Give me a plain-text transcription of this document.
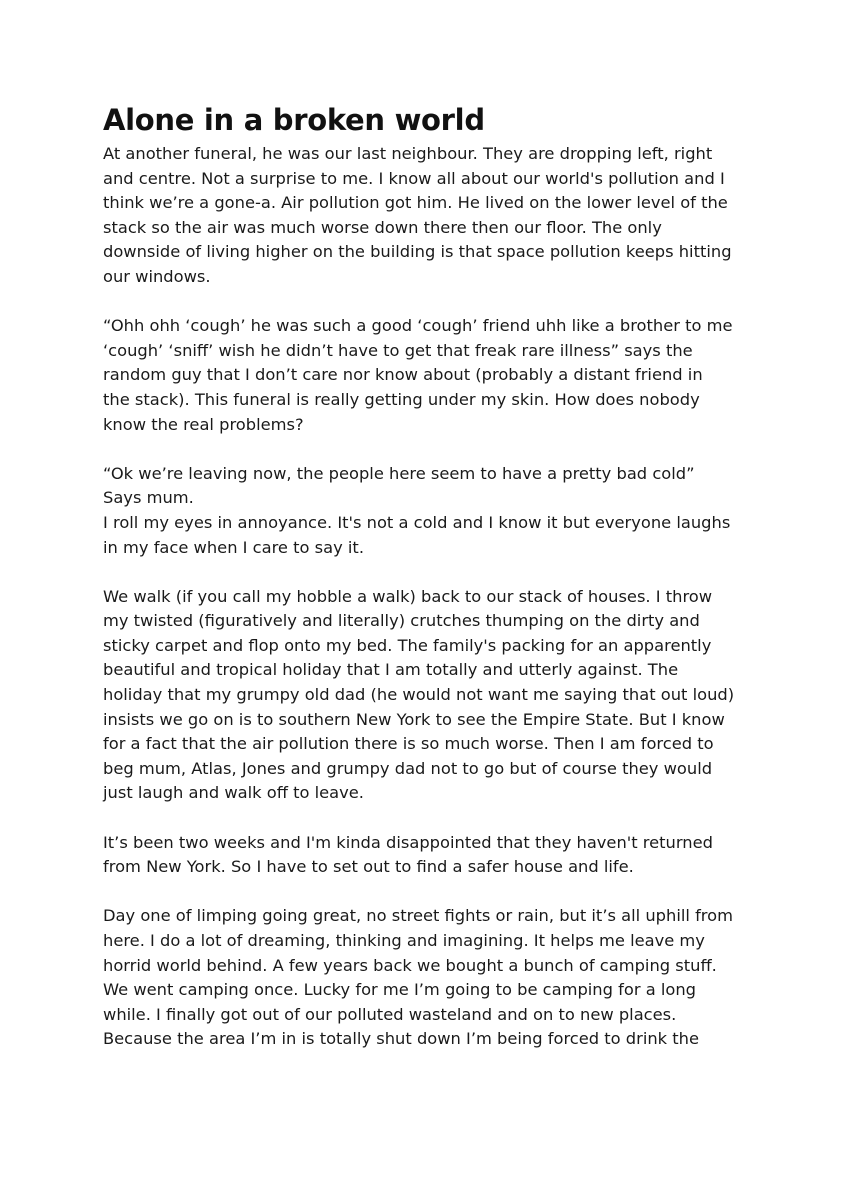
Alone in a broken world
At another funeral, he was our last neighbour. They are dropping left, right
and centre. Not a surprise to me. I know all about our world's pollution and I
think we’re a gone-a. Air pollution got him. He lived on the lower level of the
stack so the air was much worse down there then our floor. The only
downside of living higher on the building is that space pollution keeps hitting
our windows.
“Ohh ohh ‘cough’ he was such a good ‘cough’ friend uhh like a brother to me
‘cough’ ‘sniff’ wish he didn’t have to get that freak rare illness” says the
random guy that I don’t care nor know about (probably a distant friend in
the stack). This funeral is really getting under my skin. How does nobody
know the real problems?
“Ok we’re leaving now, the people here seem to have a pretty bad cold”
Says mum.
I roll my eyes in annoyance. It's not a cold and I know it but everyone laughs
in my face when I care to say it.
We walk (if you call my hobble a walk) back to our stack of houses. I throw
my twisted (figuratively and literally) crutches thumping on the dirty and
sticky carpet and flop onto my bed. The family's packing for an apparently
beautiful and tropical holiday that I am totally and utterly against. The
holiday that my grumpy old dad (he would not want me saying that out loud)
insists we go on is to southern New York to see the Empire State. But I know
for a fact that the air pollution there is so much worse. Then I am forced to
beg mum, Atlas, Jones and grumpy dad not to go but of course they would
just laugh and walk off to leave.
It’s been two weeks and I'm kinda disappointed that they haven't returned
from New York. So I have to set out to find a safer house and life.
Day one of limping going great, no street fights or rain, but it’s all uphill from
here. I do a lot of dreaming, thinking and imagining. It helps me leave my
horrid world behind. A few years back we bought a bunch of camping stuff.
We went camping once. Lucky for me I’m going to be camping for a long
while. I finally got out of our polluted wasteland and on to new places.
Because the area I’m in is totally shut down I’m being forced to drink the
